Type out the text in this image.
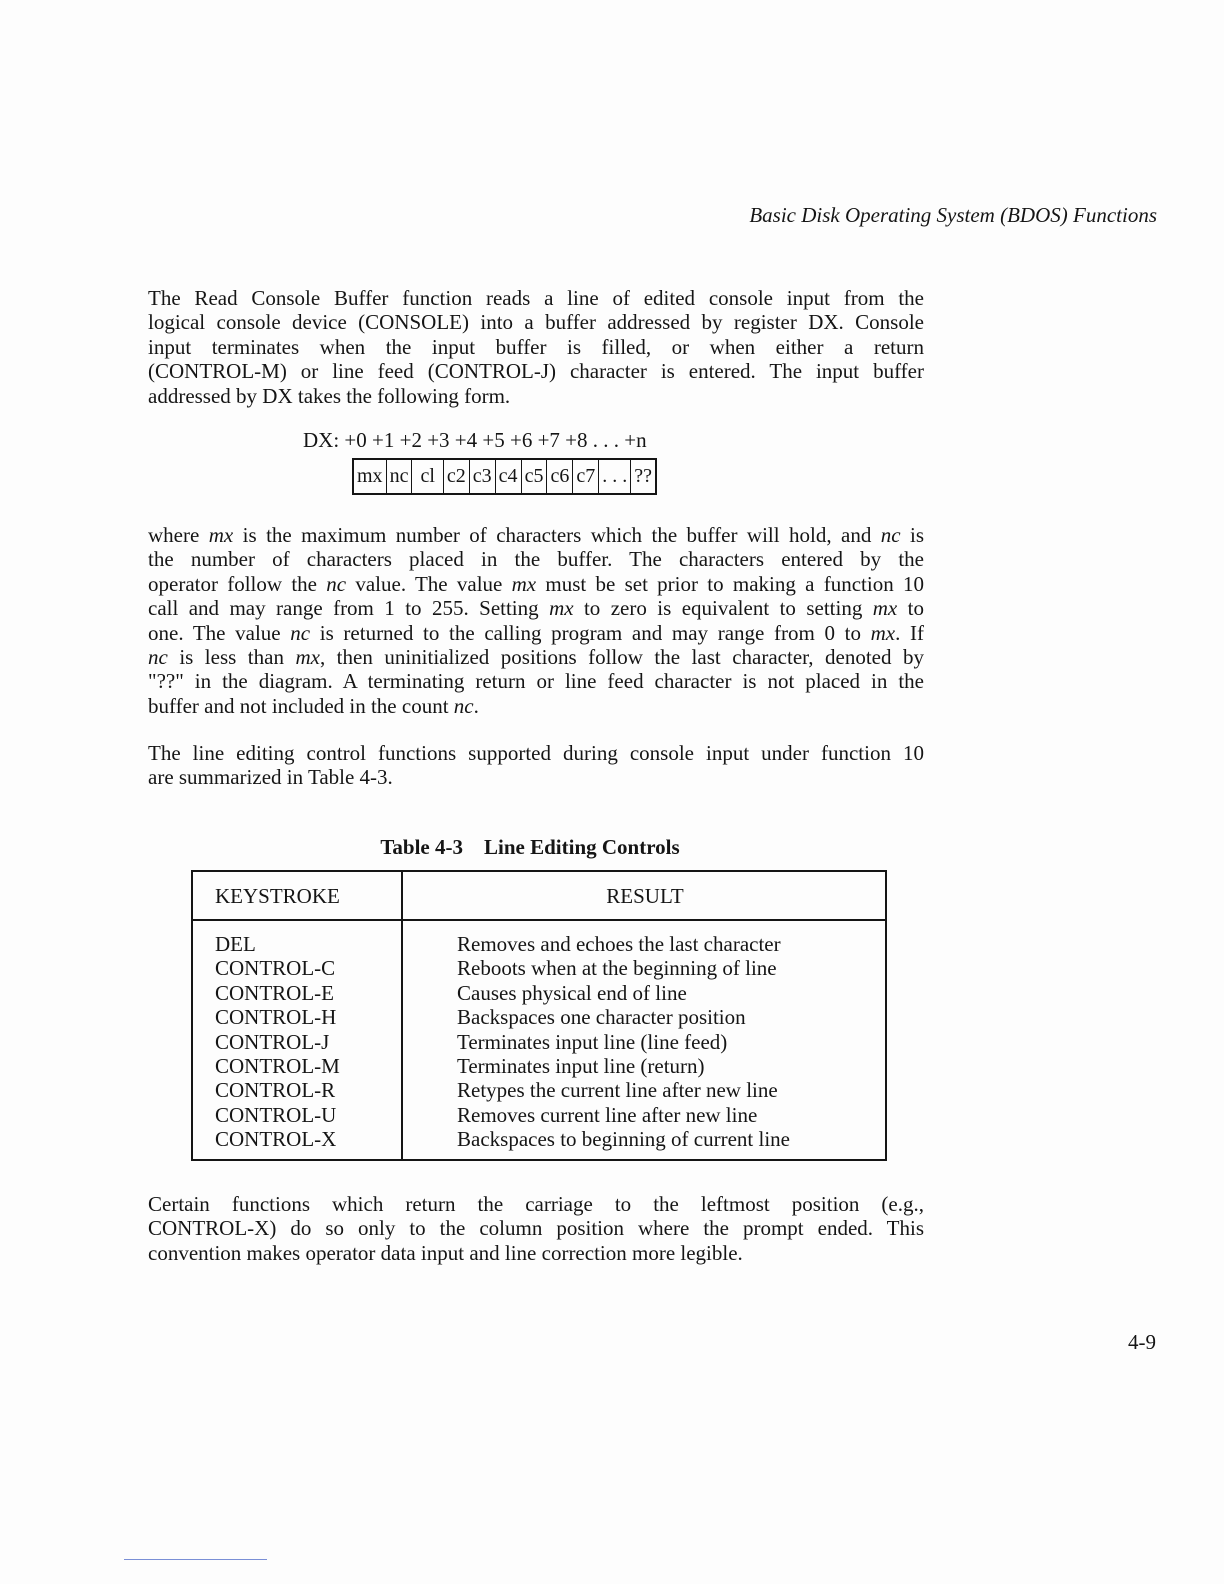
Basic Disk Operating System (BDOS) Functions

The Read Console Buffer function reads a line of edited console input from the
logical console device (CONSOLE) into a buffer addressed by register DX. Console
input terminates when the input buffer is filled, or when either a return
(CONTROL-M) or line feed (CONTROL-J) character is entered. The input buffer
addressed by DX takes the following form.

DX: +0 +1 +2 +3 +4 +5 +6 +7 +8 . . . +n
mx nc cl c2 c3 c4 c5 c6 c7 . . . ??

where mx is the maximum number of characters which the buffer will hold, and nc is
the number of characters placed in the buffer. The characters entered by the
operator follow the nc value. The value mx must be set prior to making a function 10
call and may range from 1 to 255. Setting mx to zero is equivalent to setting mx to
one. The value nc is returned to the calling program and may range from 0 to mx. If
nc is less than mx, then uninitialized positions follow the last character, denoted by
"??" in the diagram. A terminating return or line feed character is not placed in the
buffer and not included in the count nc.

The line editing control functions supported during console input under function 10
are summarized in Table 4-3.

Table 4-3    Line Editing Controls
KEYSTROKE	RESULT
DEL	Removes and echoes the last character
CONTROL-C	Reboots when at the beginning of line
CONTROL-E	Causes physical end of line
CONTROL-H	Backspaces one character position
CONTROL-J	Terminates input line (line feed)
CONTROL-M	Terminates input line (return)
CONTROL-R	Retypes the current line after new line
CONTROL-U	Removes current line after new line
CONTROL-X	Backspaces to beginning of current line

Certain functions which return the carriage to the leftmost position (e.g.,
CONTROL-X) do so only to the column position where the prompt ended. This
convention makes operator data input and line correction more legible.

4-9
